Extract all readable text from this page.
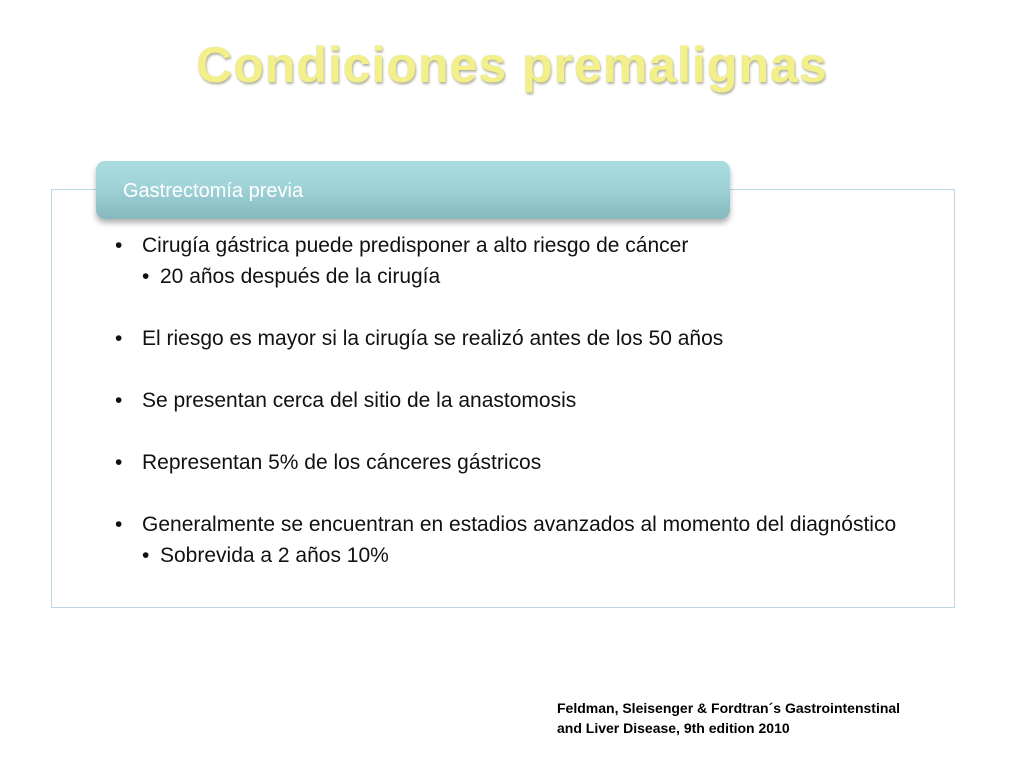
Condiciones premalignas
Gastrectomía previa
• Cirugía gástrica puede predisponer a alto riesgo de cáncer
• 20 años después de la cirugía
• El riesgo es mayor si la cirugía se realizó antes de los 50 años
• Se presentan cerca del sitio de la anastomosis
• Representan 5% de los cánceres gástricos
• Generalmente se encuentran en estadios avanzados al momento del diagnóstico
• Sobrevida a 2 años 10%
Feldman, Sleisenger & Fordtran´s Gastrointenstinal
and Liver Disease, 9th edition 2010
